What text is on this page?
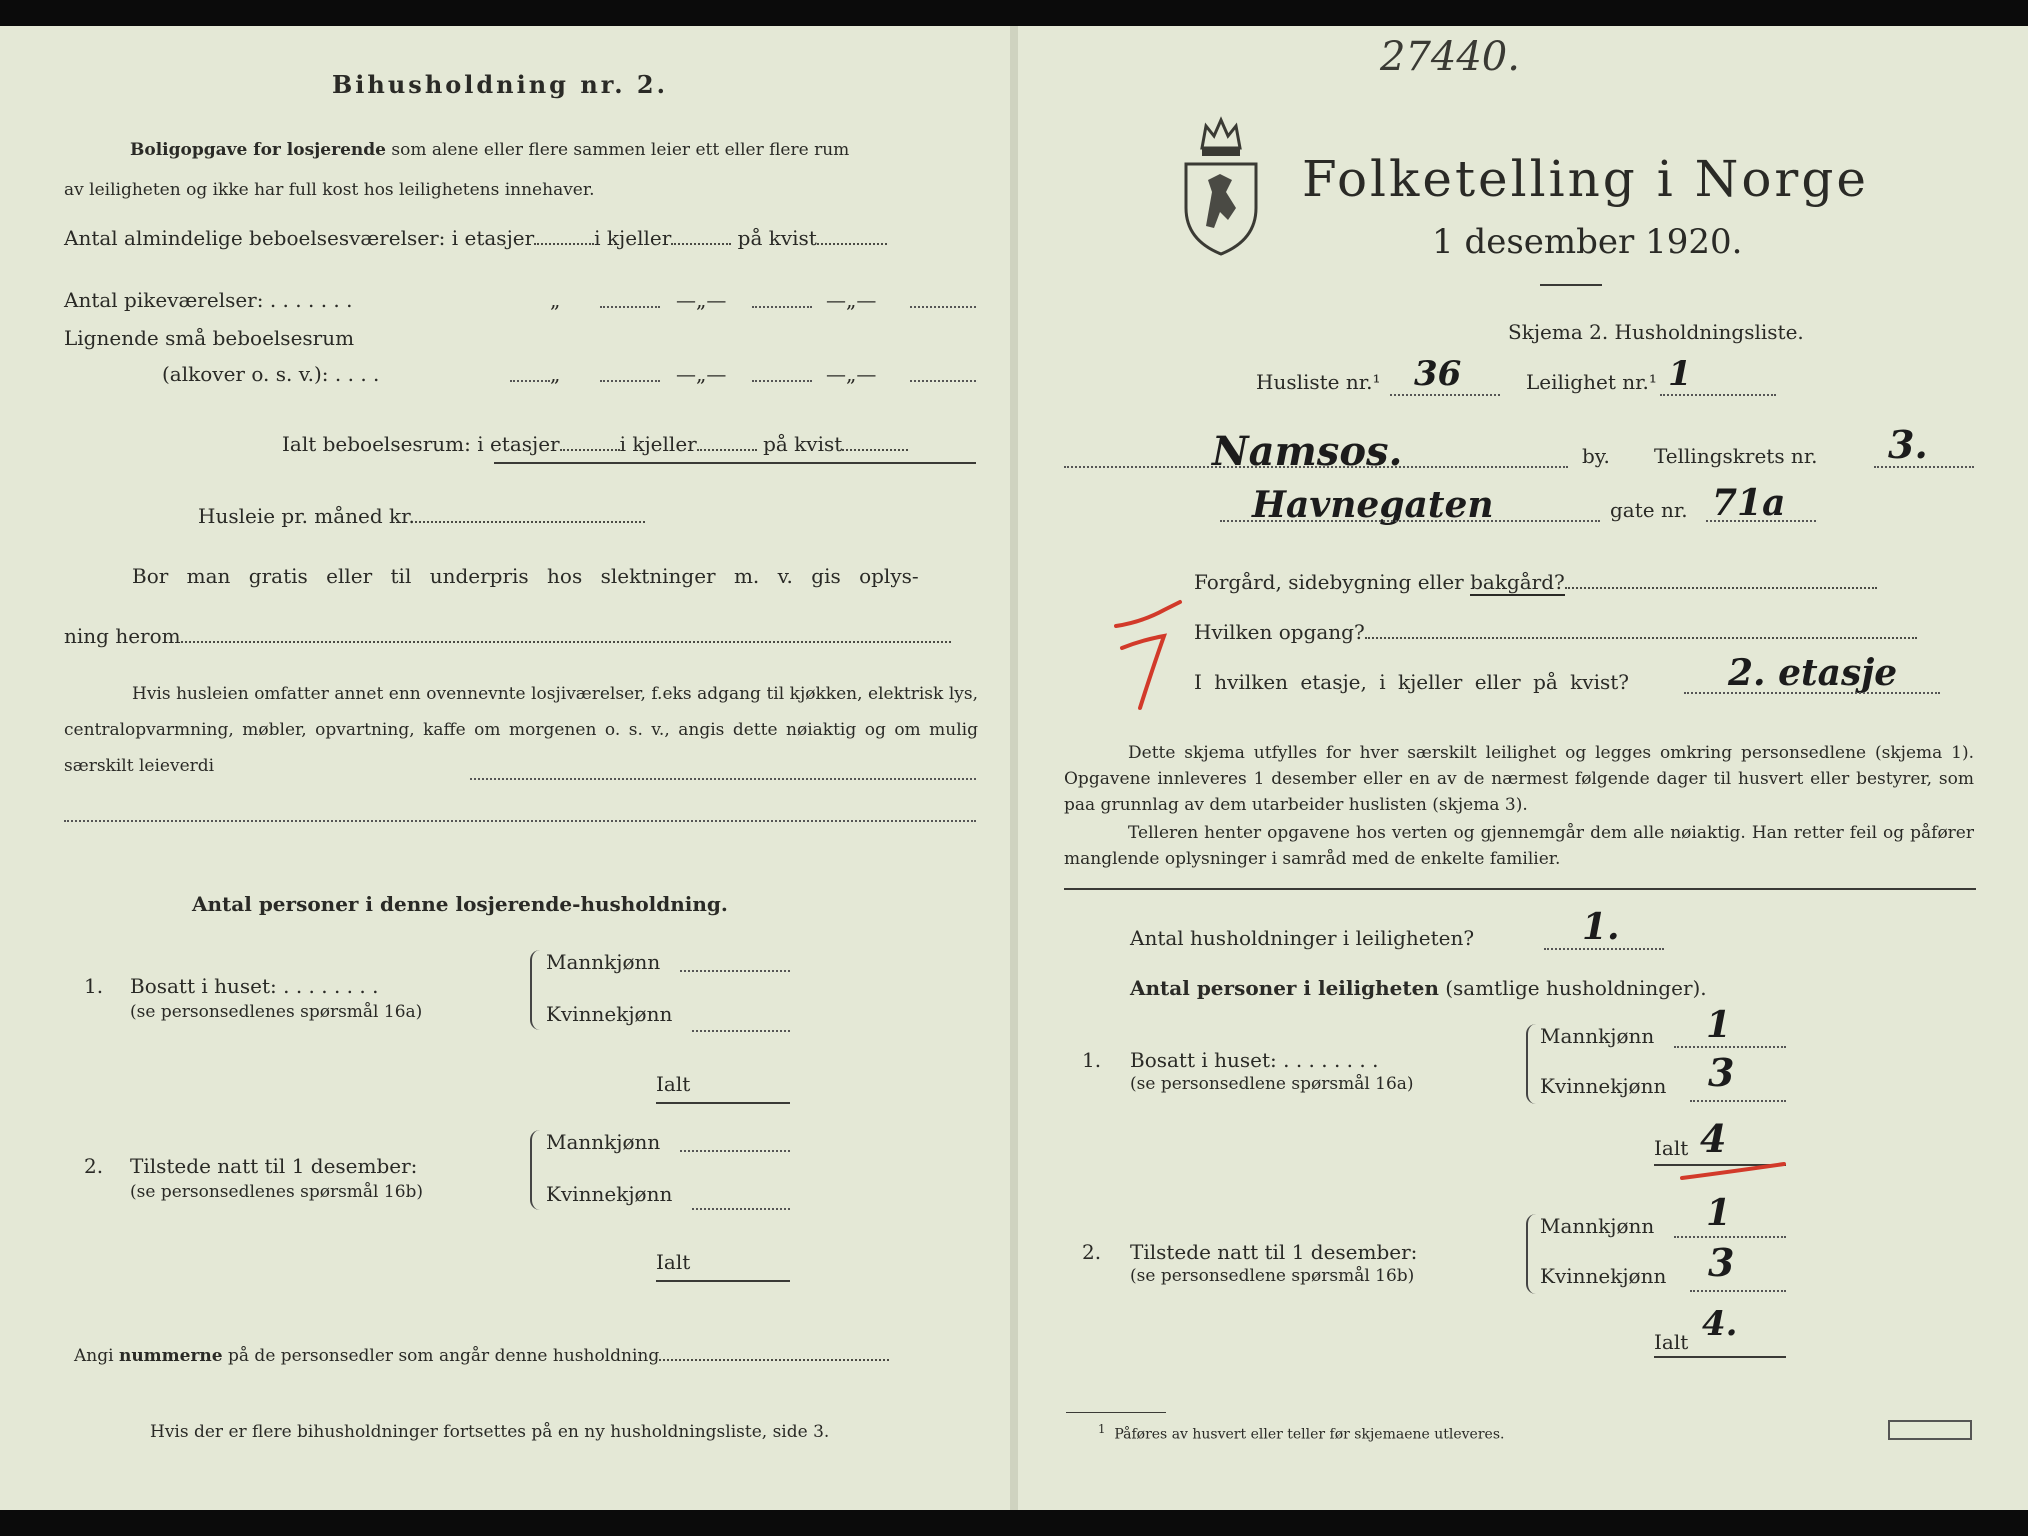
Bihusholdning nr. 2.
Boligopgave for losjerende som alene eller flere sammen leier ett eller flere rum
av leiligheten og ikke har full kost hos leilighetens innehaver.
Antal almindelige beboelsesværelser: i etasjer	i kjeller	på kvist
Antal pikeværelser: . . . . . . .	„	—„—	—„—
Lignende små beboelsesrum
(alkover o. s. v.): . . . .	„	—„—	—„—
Ialt beboelsesrum: i etasjer	i kjeller	på kvist
Husleie pr. måned kr.
Bor man gratis eller til underpris hos slektninger m. v. gis oplys-
ning herom
Hvis husleien omfatter annet enn ovennevnte losjiværelser, f.eks adgang til kjøkken, elektrisk lys, centralopvarmning, møbler, opvartning, kaffe om morgenen o. s. v., angis dette nøiaktig og om mulig særskilt leieverdi
Antal personer i denne losjerende-husholdning.
1. Bosatt i huset: . . . . . . . .
(se personsedlenes spørsmål 16a)
Mannkjønn
Kvinnekjønn
Ialt
2. Tilstede natt til 1 desember:
(se personsedlenes spørsmål 16b)
Mannkjønn
Kvinnekjønn
Ialt
Angi nummerne på de personsedler som angår denne husholdning
Hvis der er flere bihusholdninger fortsettes på en ny husholdningsliste, side 3.
27440.
Folketelling i Norge
1 desember 1920.
Skjema 2. Husholdningsliste.
Husliste nr.¹ 36	Leilighet nr.¹ 1
Namsos.	by. Tellingskrets nr. 3.
Havnegaten	gate nr. 71a
Forgård, sidebygning eller bakgård?
Hvilken opgang?
I hvilken etasje, i kjeller eller på kvist?	2. etasje
Dette skjema utfylles for hver særskilt leilighet og legges omkring personsedlene (skjema 1). Opgavene innleveres 1 desember eller en av de nærmest følgende dager til husvert eller bestyrer, som paa grunnlag av dem utarbeider huslisten (skjema 3).
Telleren henter opgavene hos verten og gjennemgår dem alle nøiaktig. Han retter feil og påfører manglende oplysninger i samråd med de enkelte familier.
Antal husholdninger i leiligheten?	1.
Antal personer i leiligheten (samtlige husholdninger).
1. Bosatt i huset: . . . . . . . .
(se personsedlene spørsmål 16a)
Mannkjønn 1
Kvinnekjønn 3
Ialt 4
2. Tilstede natt til 1 desember:
(se personsedlene spørsmål 16b)
Mannkjønn 1
Kvinnekjønn 3
Ialt 4.
$^1$ Påføres av husvert eller teller før skjemaene utleveres.
